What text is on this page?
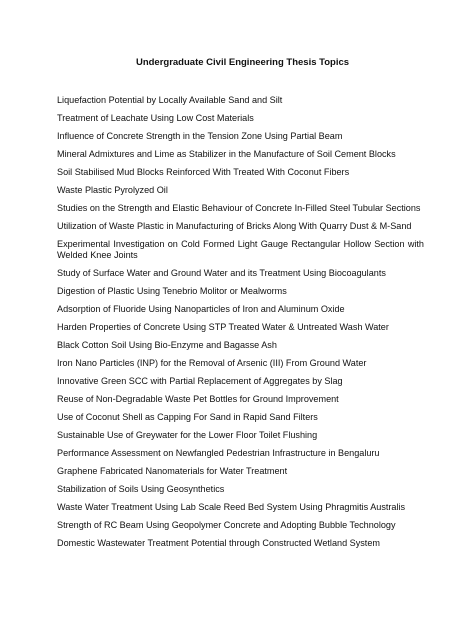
Undergraduate Civil Engineering Thesis Topics
Liquefaction Potential by Locally Available Sand and Silt
Treatment of Leachate Using Low Cost Materials
Influence of Concrete Strength in the Tension Zone Using Partial Beam
Mineral Admixtures and Lime as Stabilizer in the Manufacture of Soil Cement Blocks
Soil Stabilised Mud Blocks Reinforced With Treated With Coconut Fibers
Waste Plastic Pyrolyzed Oil
Studies on the Strength and Elastic Behaviour of Concrete In-Filled Steel Tubular Sections
Utilization of Waste Plastic in Manufacturing of Bricks Along With Quarry Dust & M-Sand
Experimental Investigation on Cold Formed Light Gauge Rectangular Hollow Section with Welded Knee Joints
Study of Surface Water and Ground Water and its Treatment Using Biocoagulants
Digestion of Plastic Using Tenebrio Molitor or Mealworms
Adsorption of Fluoride Using Nanoparticles of Iron and Aluminum Oxide
Harden Properties of Concrete Using STP Treated Water & Untreated Wash Water
Black Cotton Soil Using Bio-Enzyme and Bagasse Ash
Iron Nano Particles (INP) for the Removal of Arsenic (III) From Ground Water
Innovative Green SCC with Partial Replacement of Aggregates by Slag
Reuse of Non-Degradable Waste Pet Bottles for Ground Improvement
Use of Coconut Shell as Capping For Sand in Rapid Sand Filters
Sustainable Use of Greywater for the Lower Floor Toilet Flushing
Performance Assessment on Newfangled Pedestrian Infrastructure in Bengaluru
Graphene Fabricated Nanomaterials for Water Treatment
Stabilization of Soils Using Geosynthetics
Waste Water Treatment Using Lab Scale Reed Bed System Using Phragmitis Australis
Strength of RC Beam Using Geopolymer Concrete and Adopting Bubble Technology
Domestic Wastewater Treatment Potential through Constructed Wetland System
